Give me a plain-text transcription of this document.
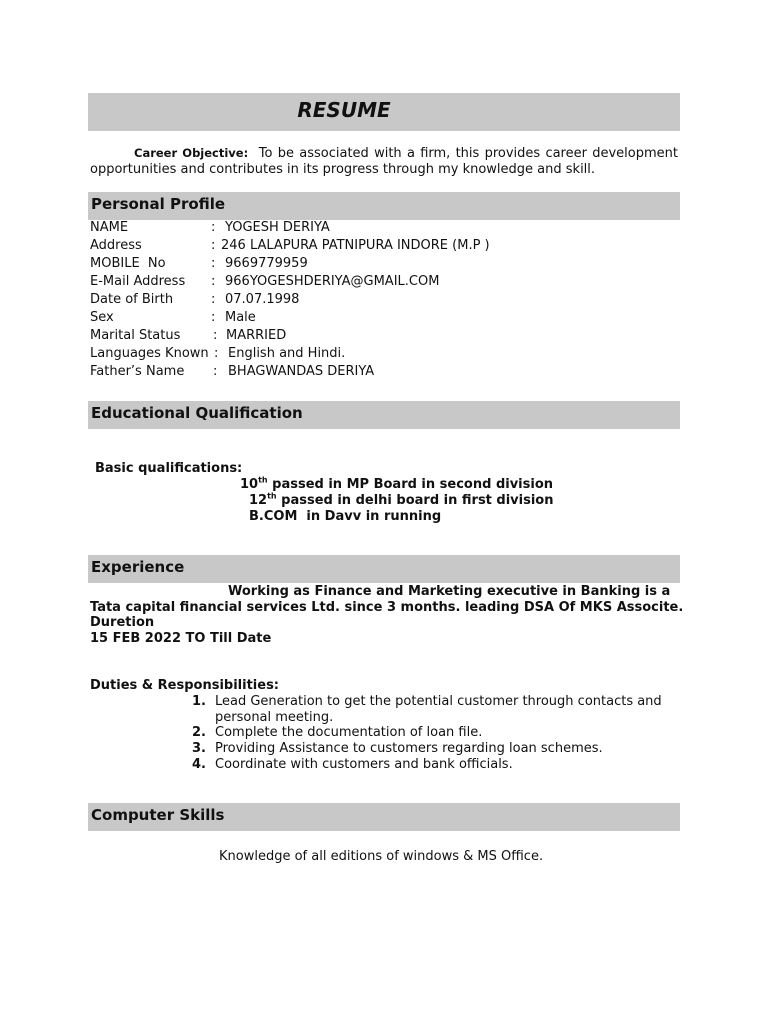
RESUME
Career Objective: To be associated with a firm, this provides career development opportunities and contributes in its progress through my knowledge and skill.
Personal Profile
NAME	: YOGESH DERIYA
Address	: 246 LALAPURA PATNIPURA INDORE (M.P )
MOBILE  No	: 9669779959
E-Mail Address : 966YOGESHDERIYA@GMAIL.COM
Date of Birth	: 07.07.1998
Sex	: Male
Marital Status	: MARRIED
Languages Known : English and Hindi.
Father’s Name : BHAGWANDAS DERIYA
Educational Qualification
Basic qualifications:
10th passed in MP Board in second division
12th passed in delhi board in first division
B.COM  in Davv in running
Experience
Working as Finance and Marketing executive in Banking is a
Tata capital financial services Ltd. since 3 months. leading DSA Of MKS Associte.
Duretion
15 FEB 2022 TO Till Date
Duties & Responsibilities:
1. Lead Generation to get the potential customer through contacts and personal meeting.
2. Complete the documentation of loan file.
3. Providing Assistance to customers regarding loan schemes.
4. Coordinate with customers and bank officials.
Computer Skills
Knowledge of all editions of windows & MS Office.
